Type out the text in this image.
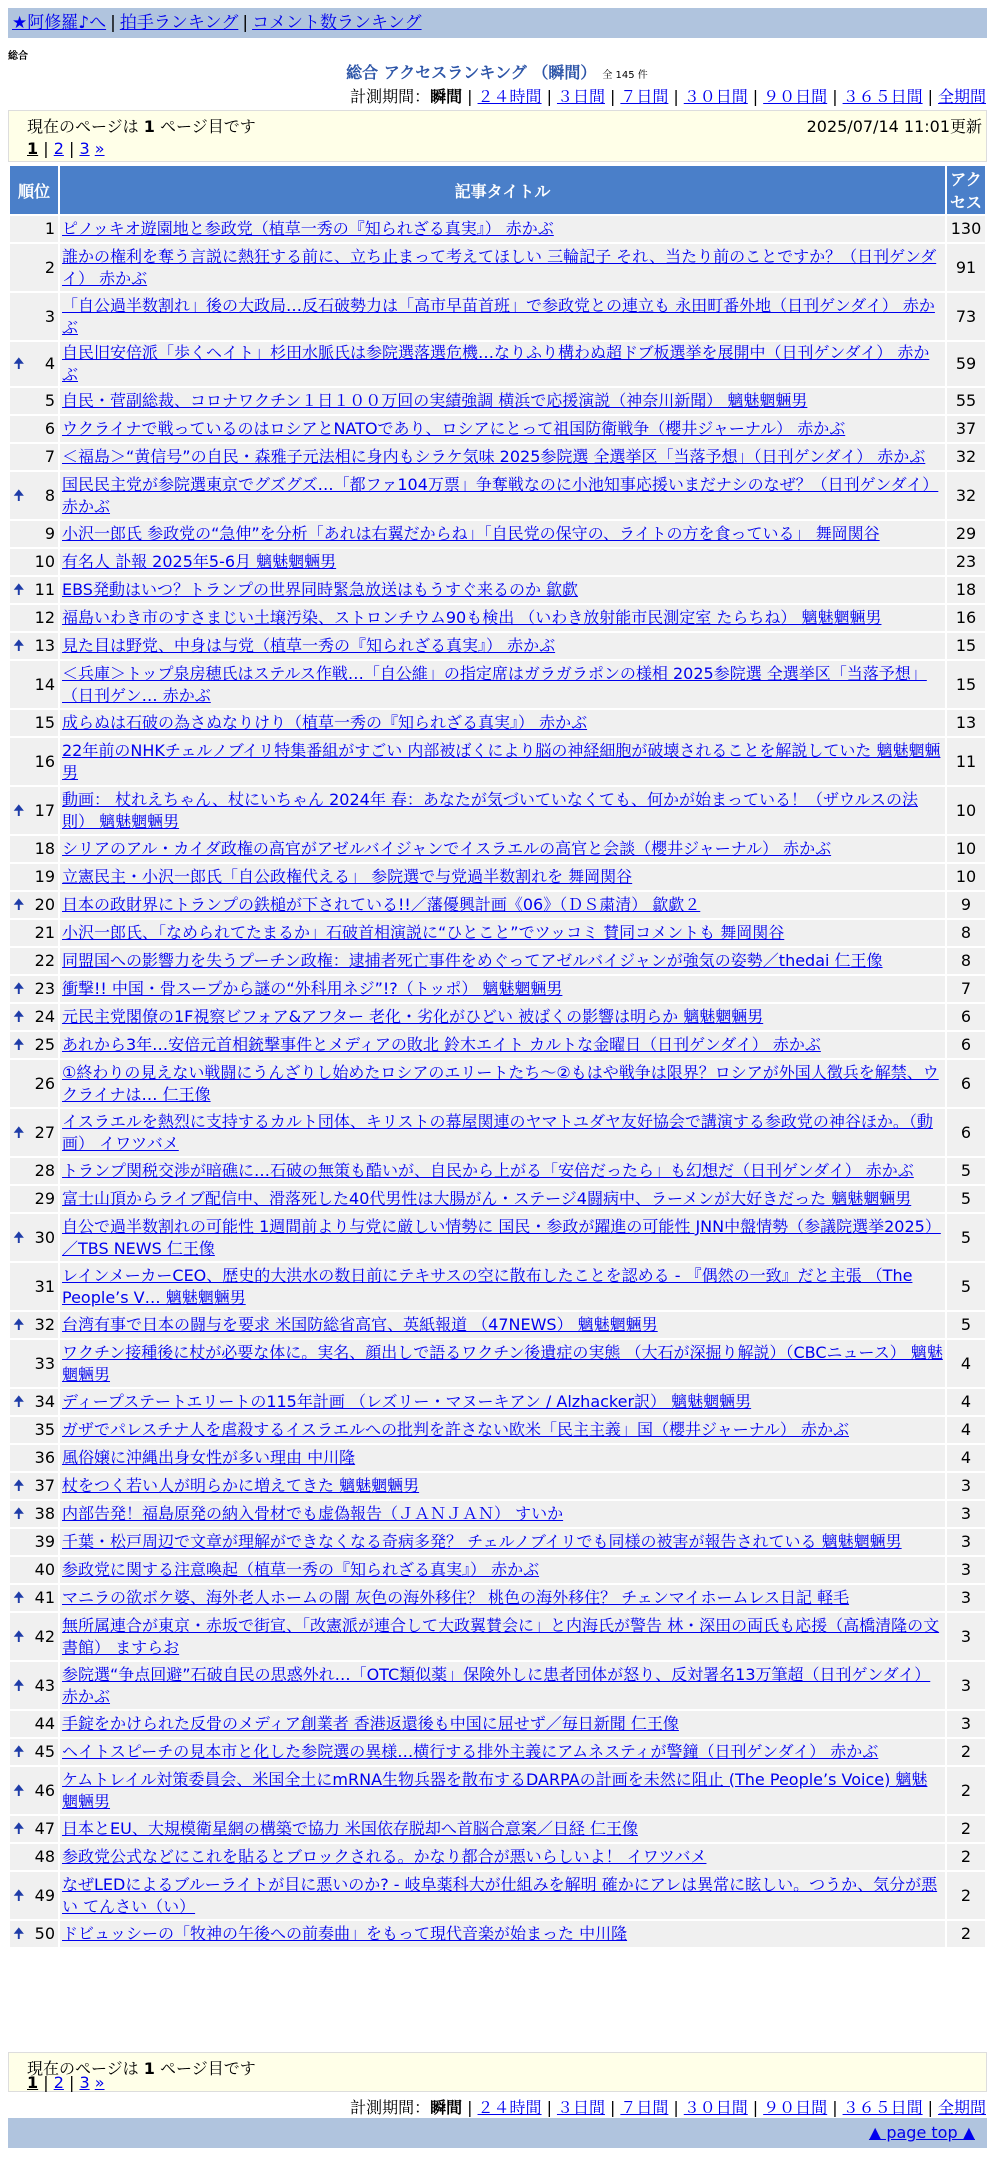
★阿修羅♪へ | 拍手ランキング | コメント数ランキング
総合
総合 アクセスランキング （瞬間） 全 145 件
計測期間：瞬間 | ２４時間 | ３日間 | ７日間 | ３０日間 | ９０日間 | ３６５日間 | 全期間
現在のページは 1 ページ目です	2025/07/14 11:01更新
1 | 2 | 3 »
順位	記事タイトル	アクセス
1	ピノッキオ遊園地と参政党（植草一秀の『知られざる真実』） 赤かぶ	130
2	誰かの権利を奪う言説に熱狂する前に、立ち止まって考えてほしい 三輪記子 それ、当たり前のことですか？（日刊ゲンダイ） 赤かぶ	91
3	「自公過半数割れ」後の大政局…反石破勢力は「高市早苗首班」で参政党との連立も 永田町番外地（日刊ゲンダイ） 赤かぶ	73

🠉 4	自民旧安倍派「歩くヘイト」杉田水脈氏は参院選落選危機…なりふり構わぬ超ドブ板選挙を展開中（日刊ゲンダイ） 赤かぶ	59
5	自民・菅副総裁、コロナワクチン１日１００万回の実績強調 横浜で応援演説（神奈川新聞） 魑魅魍魎男	55
6	ウクライナで戦っているのはロシアとNATOであり、ロシアにとって祖国防衛戦争（櫻井ジャーナル） 赤かぶ	37
7	＜福島＞“黄信号”の自民・森雅子元法相に身内もシラケ気味 2025参院選 全選挙区「当落予想」（日刊ゲンダイ） 赤かぶ	32

🠉 8	国民民主党が参院選東京でグズグズ…「都ファ104万票」争奪戦なのに小池知事応援いまだナシのなぜ？（日刊ゲンダイ） 赤かぶ	32
9	小沢一郎氏 参政党の“急伸”を分析「あれは右翼だからね」「自民党の保守の、ライトの方を食っている」 舞岡関谷	29
10	有名人 訃報 2025年5-6月 魑魅魍魎男	23

🠉 11	EBS発動はいつ？トランプの世界同時緊急放送はもうすぐ来るのか 歙歔	18
12	福島いわき市のすさまじい土壌汚染、ストロンチウム90も検出 （いわき放射能市民測定室 たらちね） 魑魅魍魎男	16

🠉 13	見た目は野党、中身は与党（植草一秀の『知られざる真実』） 赤かぶ	15
14	＜兵庫＞トップ泉房穂氏はステルス作戦…「自公維」の指定席はガラガラポンの様相 2025参院選 全選挙区「当落予想」（日刊ゲン… 赤かぶ	15
15	成らぬは石破の為さぬなりけり（植草一秀の『知られざる真実』） 赤かぶ	13
16	22年前のNHKチェルノブイリ特集番組がすごい 内部被ばくにより脳の神経細胞が破壊されることを解説していた 魑魅魍魎男	11

🠉 17	動画： 杖れえちゃん、杖にいちゃん 2024年 春：あなたが気づいていなくても、何かが始まっている！（ザウルスの法則） 魑魅魍魎男	10
18	シリアのアル・カイダ政権の高官がアゼルバイジャンでイスラエルの高官と会談（櫻井ジャーナル） 赤かぶ	10
19	立憲民主・小沢一郎氏「自公政権代える」 参院選で与党過半数割れを 舞岡関谷	10

🠉 20	日本の政財界にトランプの鉄槌が下されている!!／藩優興計画《06》（ＤＳ粛清） 歙歔２	9
21	小沢一郎氏、「なめられてたまるか」石破首相演説に“ひとこと”でツッコミ 賛同コメントも 舞岡関谷	8
22	同盟国への影響力を失うプーチン政権：逮捕者死亡事件をめぐってアゼルバイジャンが強気の姿勢／thedai 仁王像	8

🠉 23	衝撃!! 中国・骨スープから謎の“外科用ネジ”!?（トッポ） 魑魅魍魎男	7

🠉 24	元民主党閣僚の1F視察ビフォア&アフター 老化・劣化がひどい 被ばくの影響は明らか 魑魅魍魎男	6

🠉 25	あれから3年…安倍元首相銃撃事件とメディアの敗北 鈴木エイト カルトな金曜日（日刊ゲンダイ） 赤かぶ	6
26	①終わりの見えない戦闘にうんざりし始めたロシアのエリートたち〜②もはや戦争は限界？ロシアが外国人徴兵を解禁、ウクライナは… 仁王像	6

🠉 27	イスラエルを熱烈に支持するカルト団体、キリストの幕屋関連のヤマトユダヤ友好協会で講演する参政党の神谷ほか。（動画） イワツバメ	6
28	トランプ関税交渉が暗礁に…石破の無策も酷いが、自民から上がる「安倍だったら」も幻想だ（日刊ゲンダイ） 赤かぶ	5
29	富士山頂からライブ配信中、滑落死した40代男性は大腸がん・ステージ4闘病中、ラーメンが大好きだった 魑魅魍魎男	5

🠉 30	自公で過半数割れの可能性 1週間前より与党に厳しい情勢に 国民・参政が躍進の可能性 JNN中盤情勢（参議院選挙2025）／TBS NEWS 仁王像	5
31	レインメーカーCEO、歴史的大洪水の数日前にテキサスの空に散布したことを認める - 『偶然の一致』だと主張 （The People’s V… 魑魅魍魎男	5

🠉 32	台湾有事で日本の闘与を要求 米国防総省高官、英紙報道 （47NEWS） 魑魅魍魎男	5
33	ワクチン接種後に杖が必要な体に。実名、顔出しで語るワクチン後遺症の実態 （大石が深掘り解説）（CBCニュース） 魑魅魍魎男	4

🠉 34	ディープステートエリートの115年計画 （レズリー・マヌーキアン / Alzhacker訳） 魑魅魍魎男	4
35	ガザでパレスチナ人を虐殺するイスラエルへの批判を許さない欧米「民主主義」国（櫻井ジャーナル） 赤かぶ	4
36	風俗嬢に沖縄出身女性が多い理由 中川隆	4

🠉 37	杖をつく若い人が明らかに増えてきた 魑魅魍魎男	3

🠉 38	内部告発！福島原発の納入骨材でも虚偽報告（ＪＡＮＪＡＮ） すいか	3
39	千葉・松戸周辺で文章が理解ができなくなる奇病多発？ チェルノブイリでも同様の被害が報告されている 魑魅魍魎男	3
40	参政党に関する注意喚起（植草一秀の『知られざる真実』） 赤かぶ	3

🠉 41	マニラの欲ボケ婆、海外老人ホームの闇 灰色の海外移住？ 桃色の海外移住？ チェンマイホームレス日記 軽毛	3

🠉 42	無所属連合が東京・赤坂で街宣、「改憲派が連合して大政翼賛会に」と内海氏が警告 林・深田の両氏も応援（高橋清隆の文書館） ますらお	3

🠉 43	参院選“争点回避”石破自民の思惑外れ…「OTC類似薬」保険外しに患者団体が怒り、反対署名13万筆超（日刊ゲンダイ） 赤かぶ	3
44	手錠をかけられた反骨のメディア創業者 香港返還後も中国に屈せず／毎日新聞 仁王像	3

🠉 45	ヘイトスピーチの見本市と化した参院選の異様…横行する排外主義にアムネスティが警鐘（日刊ゲンダイ） 赤かぶ	2

🠉 46	ケムトレイル対策委員会、米国全土にmRNA生物兵器を散布するDARPAの計画を未然に阻止 (The People’s Voice) 魑魅魍魎男	2

🠉 47	日本とEU、大規模衛星網の構築で協力 米国依存脱却へ首脳合意案／日経 仁王像	2
48	参政党公式などにこれを貼るとブロックされる。かなり都合が悪いらしいよ！ イワツバメ	2

🠉 49	なぜLEDによるブルーライトが目に悪いのか? - 岐阜薬科大が仕組みを解明 確かにアレは異常に眩しい。つうか、気分が悪い てんさい（い）	2

🠉 50	ドビュッシーの「牧神の午後への前奏曲」をもって現代音楽が始まった 中川隆	2
現在のページは 1 ページ目です
1 | 2 | 3 »
計測期間：瞬間 | ２４時間 | ３日間 | ７日間 | ３０日間 | ９０日間 | ３６５日間 | 全期間
▲ page top ▲
